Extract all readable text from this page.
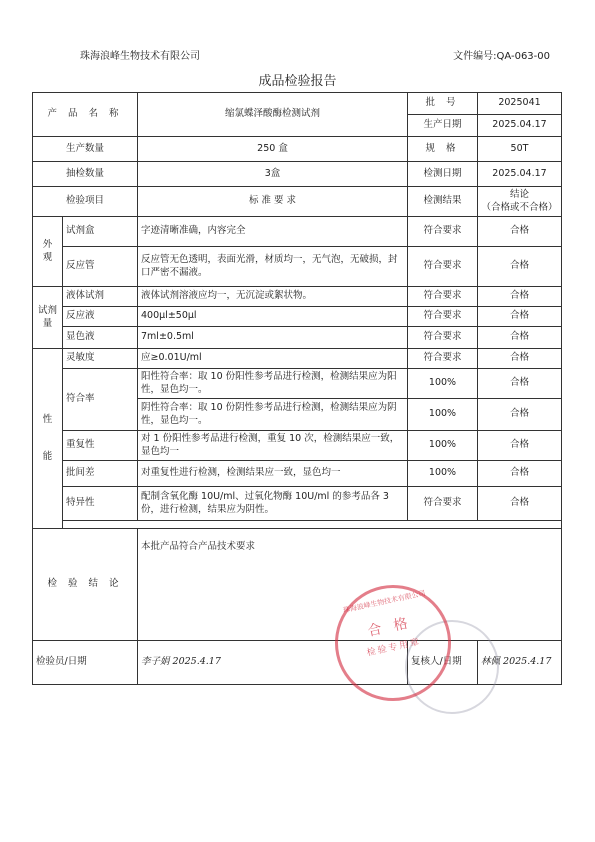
珠海浪峰生物技术有限公司	文件编号:QA-063-00
成品检验报告
产 品 名 称		缩氯蝶泽酸酶检测试剂	批 号	2025041
			生产日期	2025.04.17
生产数量		250 盒	规 格	50T
抽检数量		3盒	检测日期	2025.04.17
检验项目		标 准 要 求	检测结果	结论
（合格或不合格）
外
观	试剂盒	字迹清晰准确，内容完全	符合要求	合格
	反应管	反应管无色透明，表面光滑，材质均一，无气泡，无破损，封口严密不漏液。	符合要求	合格
试剂
量	液体试剂	液体试剂溶液应均一，无沉淀或絮状物。	符合要求	合格
	反应液	400μl±50μl	符合要求	合格
	显色液	7ml±0.5ml	符合要求	合格
性

能	灵敏度	应≥0.01U/ml	符合要求	合格
	符合率	阳性符合率：取 10 份阳性参考品进行检测，检测结果应为阳性，显色均一。	100%	合格
		阴性符合率：取 10 份阴性参考品进行检测，检测结果应为阴性，显色均一。	100%	合格
	重复性	对 1 份阳性参考品进行检测，重复 10 次，检测结果应一致，显色均一	100%	合格
	批间差	对重复性进行检测，检测结果应一致，显色均一	100%	合格
	特异性	配制含氧化酶 10U/ml、过氧化物酶 10U/ml 的参考品各 3 份，进行检测，结果应为阴性。	符合要求	合格

检 验 结 论		本批产品符合产品技术要求		
检验员/日期		李子娟 2025.4.17	复核人/日期	林佩 2025.4.17
珠海浪峰生物技术有限公司
合 格
检验专用章
